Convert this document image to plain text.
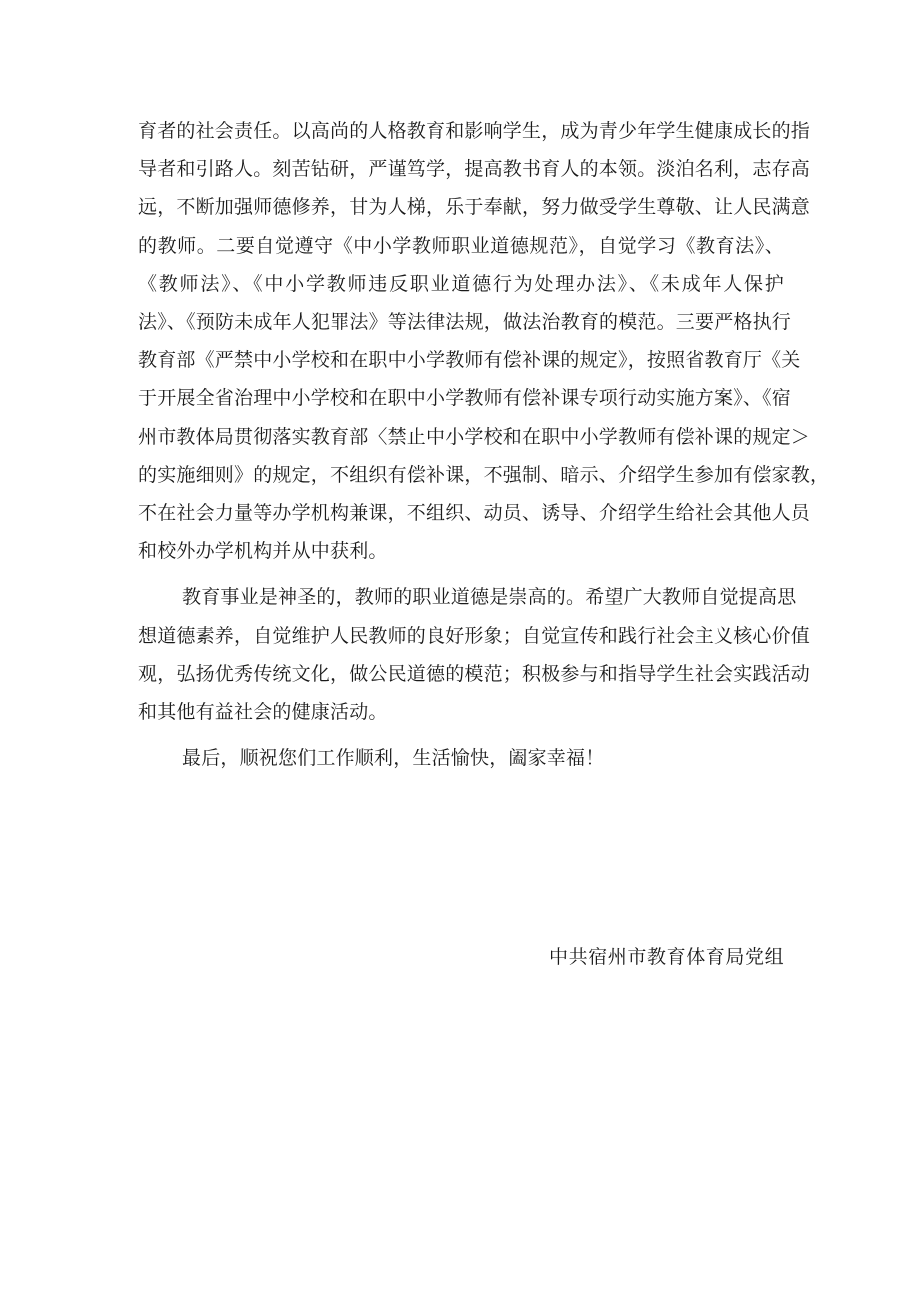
育者的社会责任。以高尚的人格教育和影响学生，成为青少年学生健康成长的指
导者和引路人。刻苦钻研，严谨笃学，提高教书育人的本领。淡泊名利，志存高
远，不断加强师德修养，甘为人梯，乐于奉献，努力做受学生尊敬、让人民满意
的教师。二要自觉遵守《中小学教师职业道德规范》，自觉学习《教育法》、
《教师法》、《中小学教师违反职业道德行为处理办法》、《未成年人保护
法》、《预防未成年人犯罪法》等法律法规，做法治教育的模范。三要严格执行
教育部《严禁中小学校和在职中小学教师有偿补课的规定》，按照省教育厅《关
于开展全省治理中小学校和在职中小学教师有偿补课专项行动实施方案》、《宿
州市教体局贯彻落实教育部〈禁止中小学校和在职中小学教师有偿补课的规定＞
的实施细则》的规定，不组织有偿补课，不强制、暗示、介绍学生参加有偿家教，
不在社会力量等办学机构兼课，不组织、动员、诱导、介绍学生给社会其他人员
和校外办学机构并从中获利。
教育事业是神圣的，教师的职业道德是崇高的。希望广大教师自觉提高思
想道德素养，自觉维护人民教师的良好形象；自觉宣传和践行社会主义核心价值
观，弘扬优秀传统文化，做公民道德的模范；积极参与和指导学生社会实践活动
和其他有益社会的健康活动。
最后，顺祝您们工作顺利，生活愉快，阖家幸福！
中共宿州市教育体育局党组
